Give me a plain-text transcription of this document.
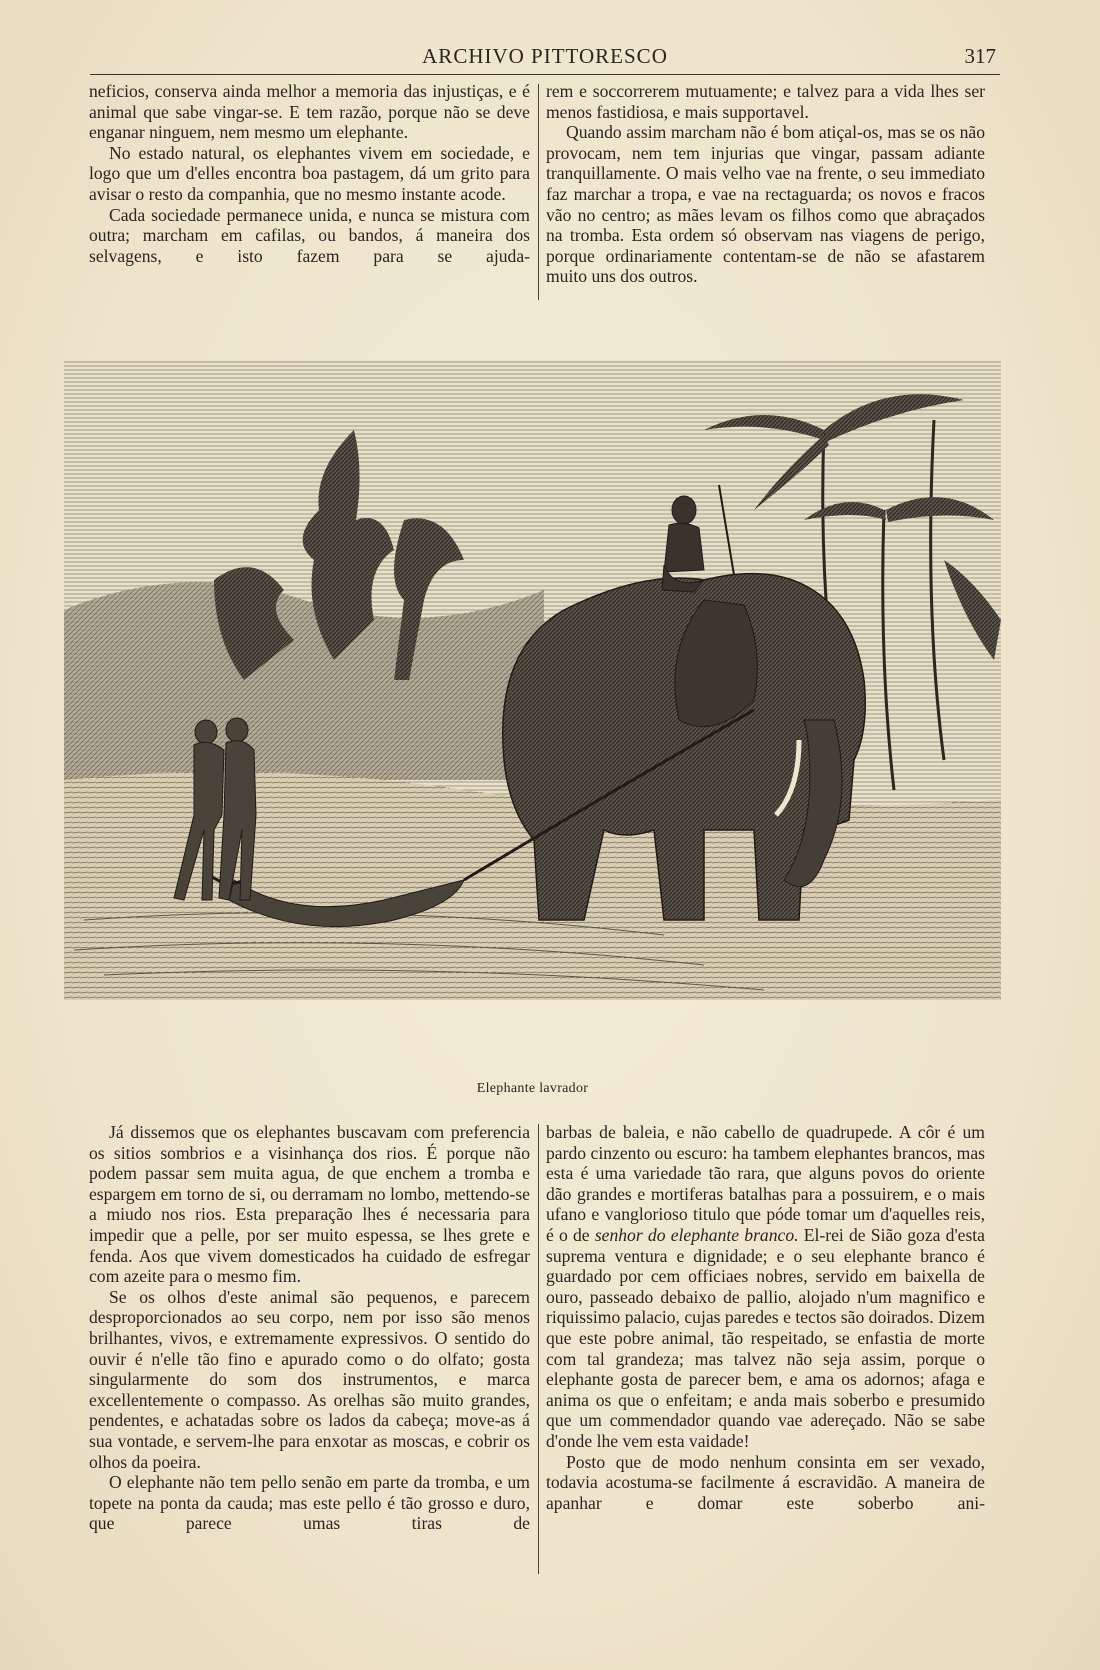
ARCHIVO PITTORESCO	317

neficios, conserva ainda melhor a memoria das injustiças, e é animal que sabe vingar-se. E tem razão, porque não se deve enganar ninguem, nem mesmo um elephante.

No estado natural, os elephantes vivem em sociedade, e logo que um d'elles encontra boa pastagem, dá um grito para avisar o resto da companhia, que no mesmo instante acode.

Cada sociedade permanece unida, e nunca se mistura com outra; marcham em cafilas, ou bandos, á maneira dos selvagens, e isto fazem para se ajuda-

rem e soccorrerem mutuamente; e talvez para a vida lhes ser menos fastidiosa, e mais supportavel.

Quando assim marcham não é bom atiçal-os, mas se os não provocam, nem tem injurias que vingar, passam adiante tranquillamente. O mais velho vae na frente, o seu immediato faz marchar a tropa, e vae na rectaguarda; os novos e fracos vão no centro; as mães levam os filhos como que abraçados na tromba. Esta ordem só observam nas viagens de perigo, porque ordinariamente contentam-se de não se afastarem muito uns dos outros.

Elephante lavrador

Já dissemos que os elephantes buscavam com preferencia os sitios sombrios e a visinhança dos rios. É porque não podem passar sem muita agua, de que enchem a tromba e espargem em torno de si, ou derramam no lombo, mettendo-se a miudo nos rios. Esta preparação lhes é necessaria para impedir que a pelle, por ser muito espessa, se lhes grete e fenda. Aos que vivem domesticados ha cuidado de esfregar com azeite para o mesmo fim.

Se os olhos d'este animal são pequenos, e parecem desproporcionados ao seu corpo, nem por isso são menos brilhantes, vivos, e extremamente expressivos. O sentido do ouvir é n'elle tão fino e apurado como o do olfato; gosta singularmente do som dos instrumentos, e marca excellentemente o compasso. As orelhas são muito grandes, pendentes, e achatadas sobre os lados da cabeça; move-as á sua vontade, e servem-lhe para enxotar as moscas, e cobrir os olhos da poeira.

O elephante não tem pello senão em parte da tromba, e um topete na ponta da cauda; mas este pello é tão grosso e duro, que parece umas tiras de

barbas de baleia, e não cabello de quadrupede. A côr é um pardo cinzento ou escuro: ha tambem elephantes brancos, mas esta é uma variedade tão rara, que alguns povos do oriente dão grandes e mortiferas batalhas para a possuirem, e o mais ufano e vanglorioso titulo que póde tomar um d'aquelles reis, é o de senhor do elephante branco. El-rei de Sião goza d'esta suprema ventura e dignidade; e o seu elephante branco é guardado por cem officiaes nobres, servido em baixella de ouro, passeado debaixo de pallio, alojado n'um magnifico e riquissimo palacio, cujas paredes e tectos são doirados. Dizem que este pobre animal, tão respeitado, se enfastia de morte com tal grandeza; mas talvez não seja assim, porque o elephante gosta de parecer bem, e ama os adornos; afaga e anima os que o enfeitam; e anda mais soberbo e presumido que um commendador quando vae adereçado. Não se sabe d'onde lhe vem esta vaidade!

Posto que de modo nenhum consinta em ser vexado, todavia acostuma-se facilmente á escravidão. A maneira de apanhar e domar este soberbo ani-
